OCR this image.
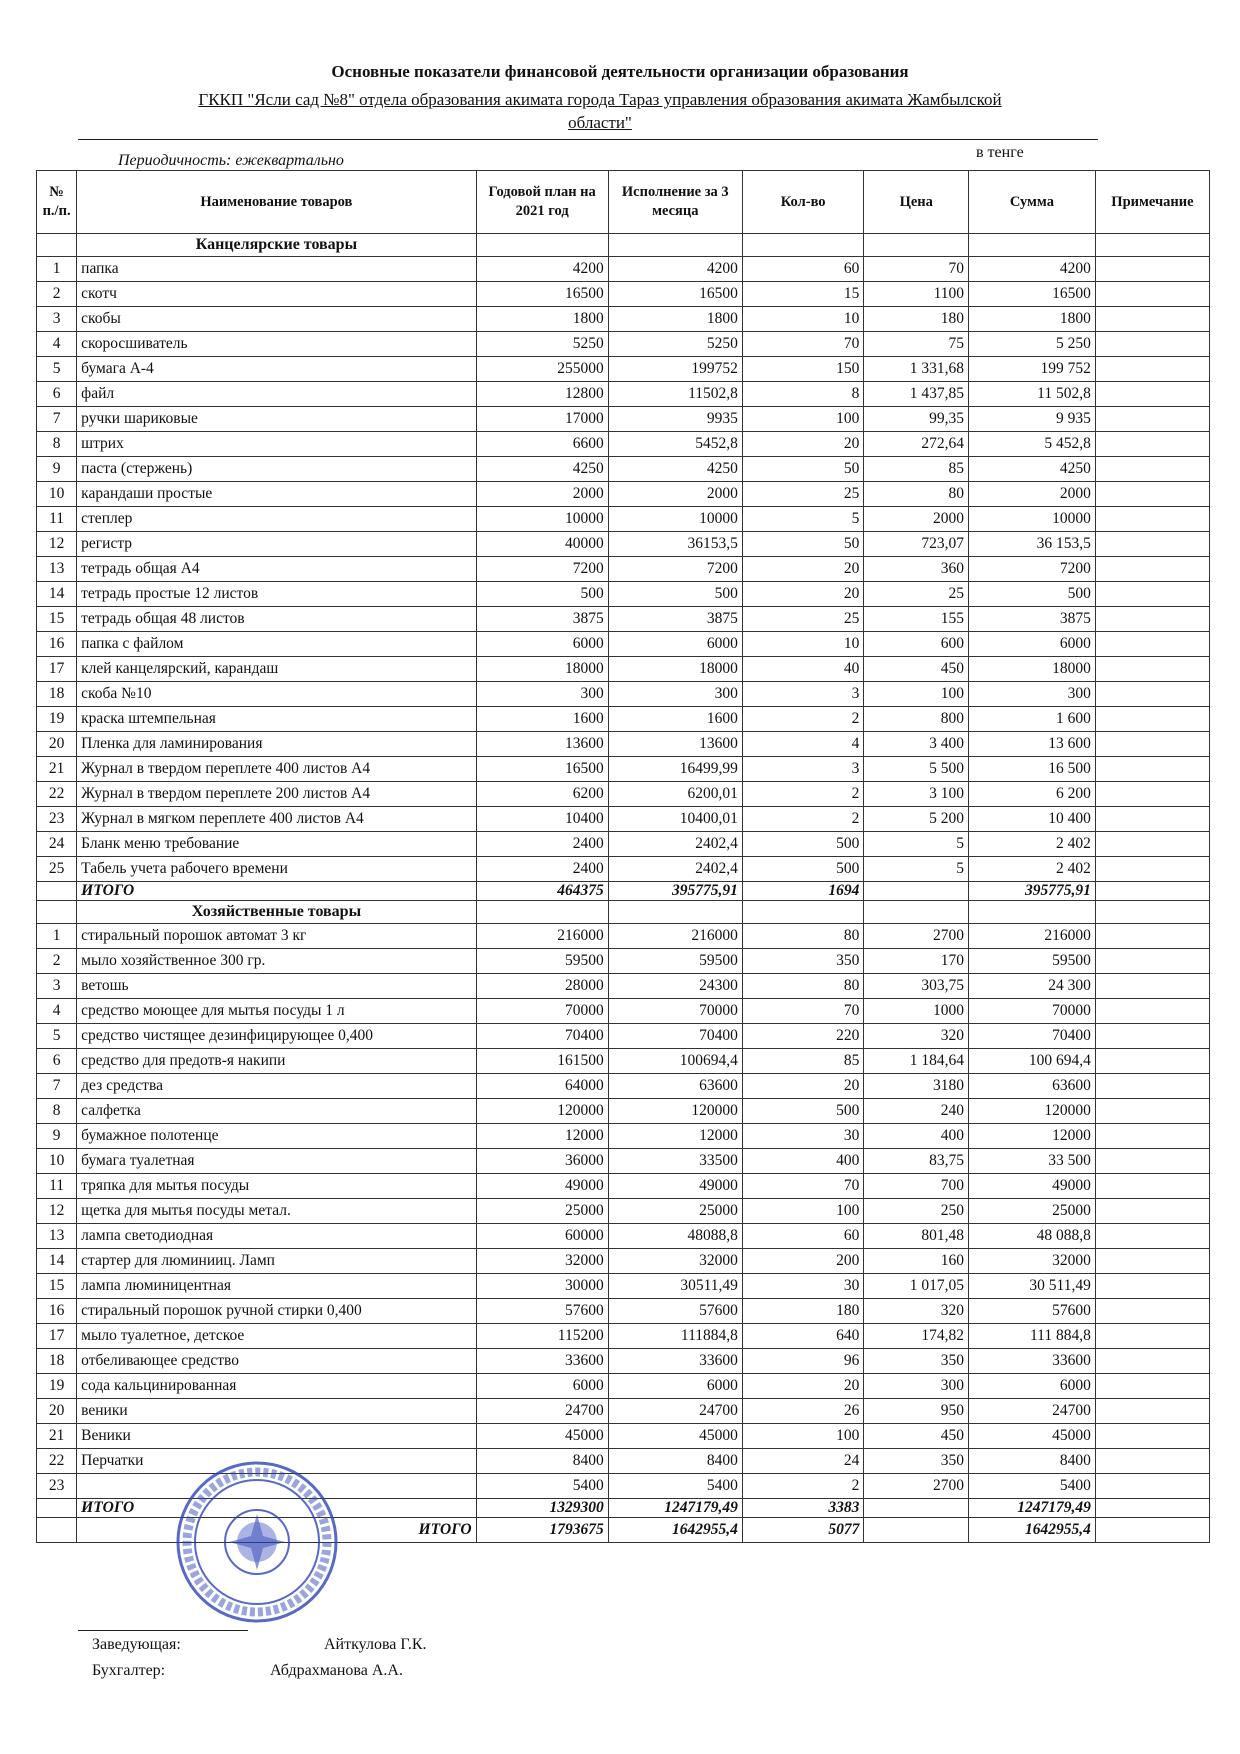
Основные показатели финансовой деятельности организации образования
ГККП "Ясли сад №8" отдела образования акимата города Тараз управления образования акимата Жамбылской
области"
Периодичность: ежеквартально	в тенге
№ п./п.	Наименование товаров	Годовой план на 2021 год	Исполнение за 3 месяца	Кол-во	Цена	Сумма	Примечание
	Канцелярские товары						
1	папка	4200	4200	60	70	4200	
2	скотч	16500	16500	15	1100	16500	
3	скобы	1800	1800	10	180	1800	
4	скоросшиватель	5250	5250	70	75	5 250	
5	бумага А-4	255000	199752	150	1 331,68	199 752	
6	файл	12800	11502,8	8	1 437,85	11 502,8	
7	ручки шариковые	17000	9935	100	99,35	9 935	
8	штрих	6600	5452,8	20	272,64	5 452,8	
9	паста (стержень)	4250	4250	50	85	4250	
10	карандаши простые	2000	2000	25	80	2000	
11	степлер	10000	10000	5	2000	10000	
12	регистр	40000	36153,5	50	723,07	36 153,5	
13	тетрадь общая А4	7200	7200	20	360	7200	
14	тетрадь простые 12 листов	500	500	20	25	500	
15	тетрадь общая 48 листов	3875	3875	25	155	3875	
16	папка с файлом	6000	6000	10	600	6000	
17	клей канцелярский, карандаш	18000	18000	40	450	18000	
18	скоба №10	300	300	3	100	300	
19	краска штемпельная	1600	1600	2	800	1 600	
20	Пленка для ламинирования	13600	13600	4	3 400	13 600	
21	Журнал в твердом переплете 400 листов А4	16500	16499,99	3	5 500	16 500	
22	Журнал в твердом переплете 200 листов А4	6200	6200,01	2	3 100	6 200	
23	Журнал в мягком переплете 400 листов А4	10400	10400,01	2	5 200	10 400	
24	Бланк меню требование	2400	2402,4	500	5	2 402	
25	Табель учета рабочего времени	2400	2402,4	500	5	2 402	
	ИТОГО	464375	395775,91	1694		395775,91	
	Хозяйственные товары						
1	стиральный порошок автомат 3 кг	216000	216000	80	2700	216000	
2	мыло хозяйственное 300 гр.	59500	59500	350	170	59500	
3	ветошь	28000	24300	80	303,75	24 300	
4	средство моющее для мытья посуды 1 л	70000	70000	70	1000	70000	
5	средство чистящее дезинфицирующее 0,400	70400	70400	220	320	70400	
6	средство для предотв-я накипи	161500	100694,4	85	1 184,64	100 694,4	
7	дез средства	64000	63600	20	3180	63600	
8	салфетка	120000	120000	500	240	120000	
9	бумажное полотенце	12000	12000	30	400	12000	
10	бумага туалетная	36000	33500	400	83,75	33 500	
11	тряпка для мытья посуды	49000	49000	70	700	49000	
12	щетка для мытья посуды метал.	25000	25000	100	250	25000	
13	лампа светодиодная	60000	48088,8	60	801,48	48 088,8	
14	стартер для люминииц. Ламп	32000	32000	200	160	32000	
15	лампа люминицентная	30000	30511,49	30	1 017,05	30 511,49	
16	стиральный порошок ручной стирки 0,400	57600	57600	180	320	57600	
17	мыло туалетное, детское	115200	111884,8	640	174,82	111 884,8	
18	отбеливающее средство	33600	33600	96	350	33600	
19	сода кальцинированная	6000	6000	20	300	6000	
20	веники	24700	24700	26	950	24700	
21	Веники	45000	45000	100	450	45000	
22	Перчатки	8400	8400	24	350	8400	
23		5400	5400	2	2700	5400	
	ИТОГО	1329300	1247179,49	3383		1247179,49	
	ИТОГО	1793675	1642955,4	5077		1642955,4	
Заведующая:	Айткулова Г.К.
Бухгалтер:	Абдрахманова А.А.
